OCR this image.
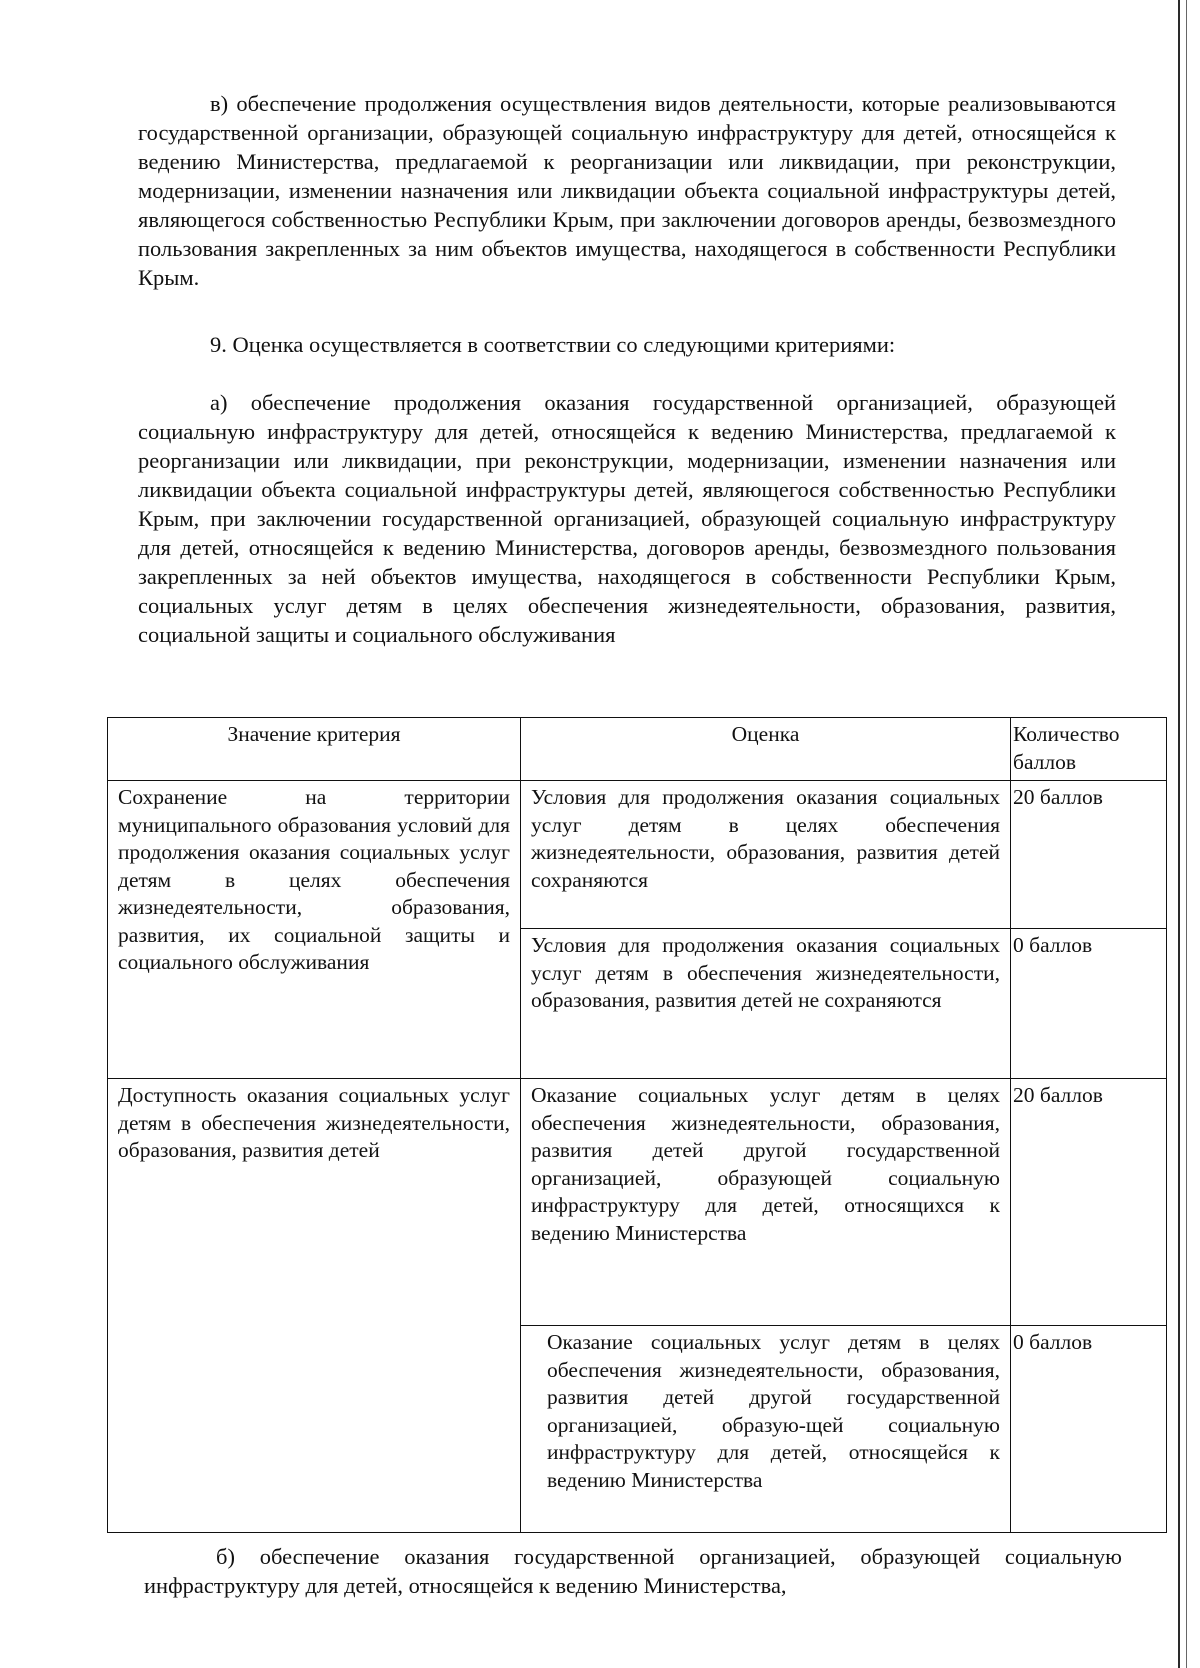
в) обеспечение продолжения осуществления видов деятельности, которые реализовываются государственной организации, образующей социальную инфраструктуру для детей, относящейся к ведению Министерства, предлагаемой к реорганизации или ликвидации, при реконструкции, модернизации, изменении назначения или ликвидации объекта социальной инфраструктуры детей, являющегося собственностью Республики Крым, при заключении договоров аренды, безвозмездного пользования закрепленных за ним объектов имущества, находящегося в собственности Республики Крым.

9. Оценка осуществляется в соответствии со следующими критериями:

а) обеспечение продолжения оказания государственной организацией, образующей социальную инфраструктуру для детей, относящейся к ведению Министерства, предлагаемой к реорганизации или ликвидации, при реконструкции, модернизации, изменении назначения или ликвидации объекта социальной инфраструктуры детей, являющегося собственностью Республики Крым, при заключении государственной организацией, образующей социальную инфраструктуру для детей, относящейся к ведению Министерства, договоров аренды, безвозмездного пользования закрепленных за ней объектов имущества, находящегося в собственности Республики Крым, социальных услуг детям в целях обеспечения жизнедеятельности, образования, развития, социальной защиты и социального обслуживания

Значение критерия	Оценка	Количество баллов
Сохранение на территории муниципального образования условий для продолжения оказания социальных услуг детям в целях обеспечения жизнедеятельности, образования, развития, их социальной защиты и социального обслуживания	Условия для продолжения оказания социальных услуг детям в целях обеспечения жизнедеятельности, образования, развития детей сохраняются	20 баллов
	Условия для продолжения оказания социальных услуг детям в обеспечения жизнедеятельности, образования, развития детей не сохраняются	0 баллов
Доступность оказания социальных услуг детям в обеспечения жизнедеятельности, образования, развития детей	Оказание социальных услуг детям в целях обеспечения жизнедеятельности, образования, развития детей другой государственной организацией, образующей социальную инфраструктуру для детей, относящихся к ведению Министерства	20 баллов
	Оказание социальных услуг детям в целях обеспечения жизнедеятельности, образования, развития детей другой государственной организацией, образую-щей социальную инфраструктуру для детей, относящейся к ведению Министерства	0 баллов

б) обеспечение оказания государственной организацией, образующей социальную инфраструктуру для детей, относящейся к ведению Министерства,
